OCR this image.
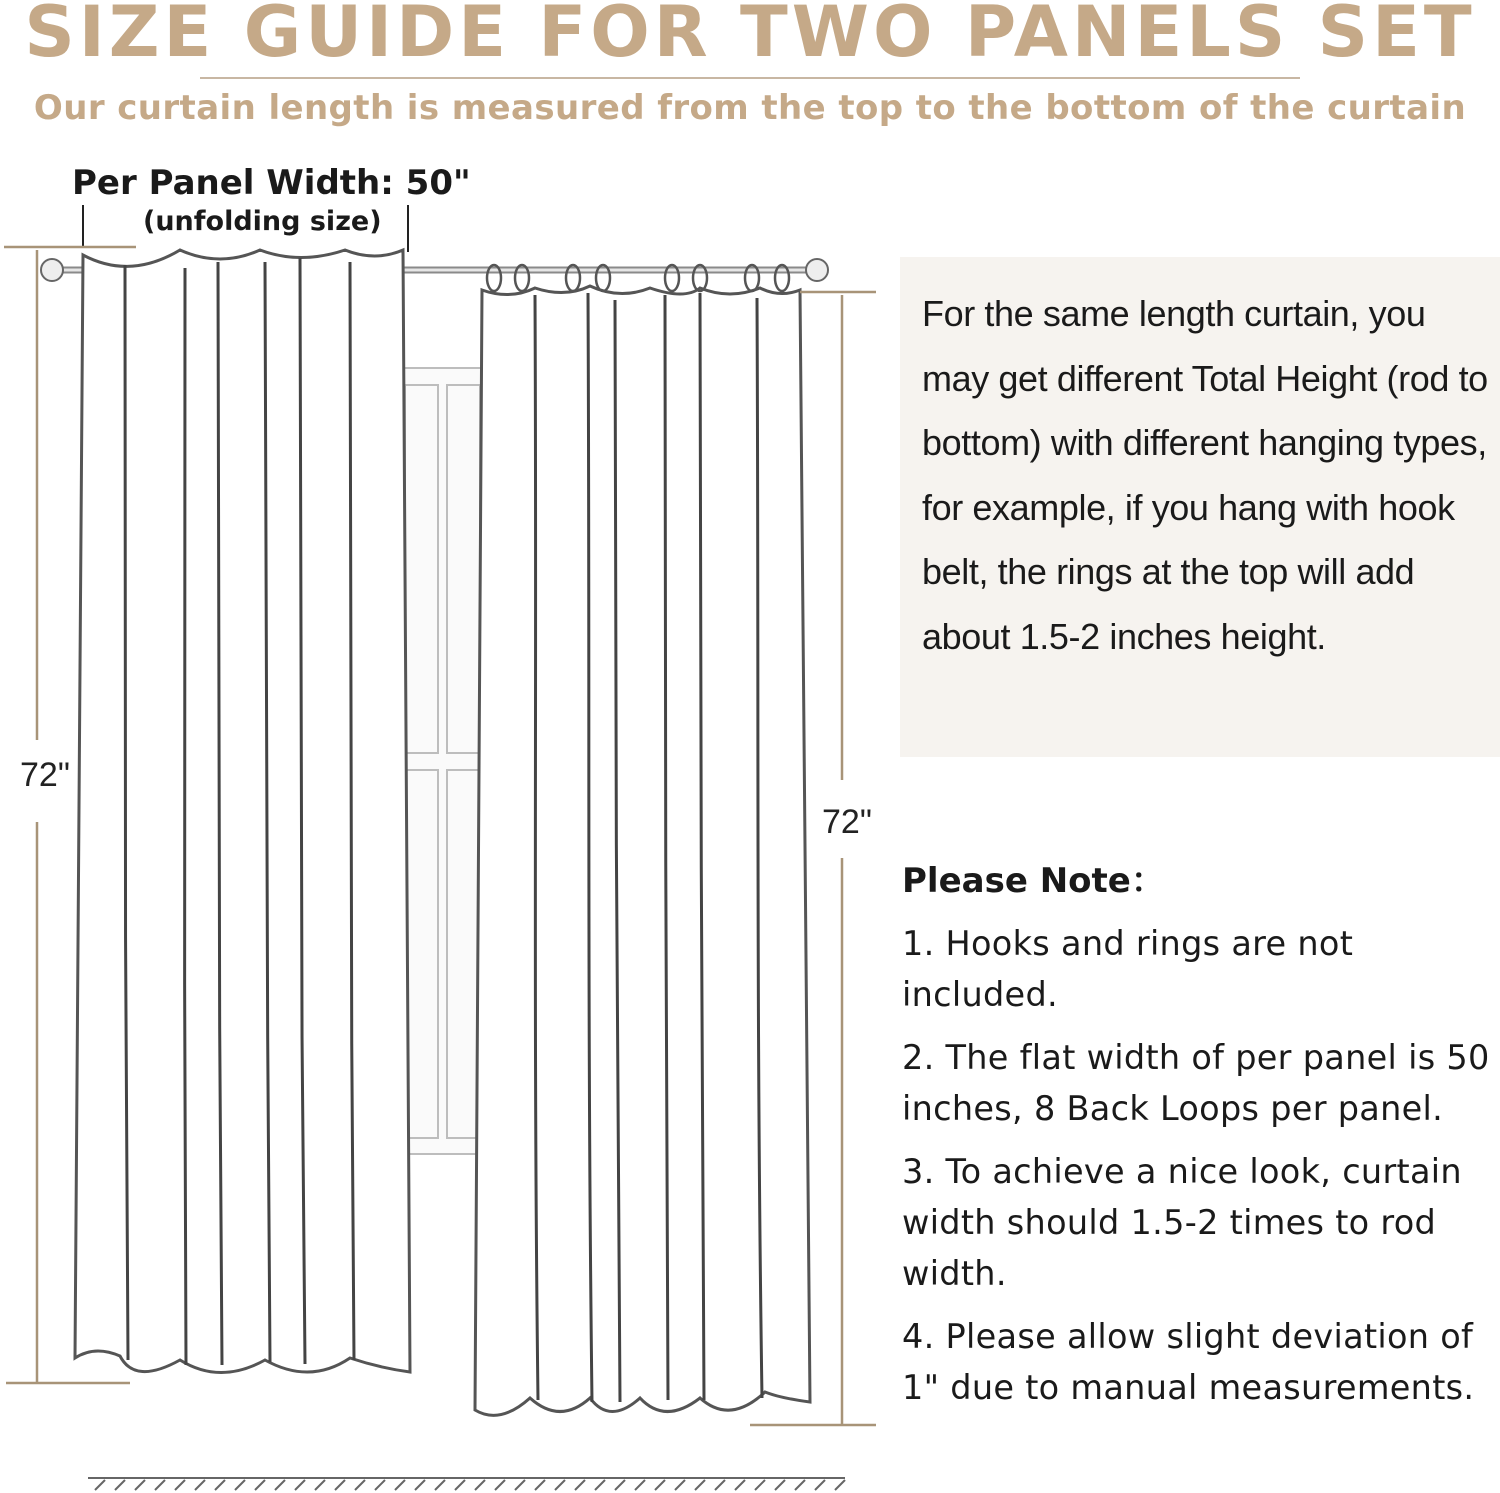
SIZE GUIDE FOR TWO PANELS SET
Our curtain length is measured from the top to the bottom of the curtain
Per Panel Width: 50"
(unfolding size)
72"
72"
For the same length curtain, you may get different Total Height (rod to bottom) with different hanging types, for example, if you hang with hook belt, the rings at the top will add about 1.5-2 inches height.
Please Note：
1. Hooks and rings are not included.
2. The flat width of per panel is 50 inches, 8 Back Loops per panel.
3. To achieve a nice look, curtain width should 1.5-2 times to rod width.
4. Please allow slight deviation of 1" due to manual measurements.
